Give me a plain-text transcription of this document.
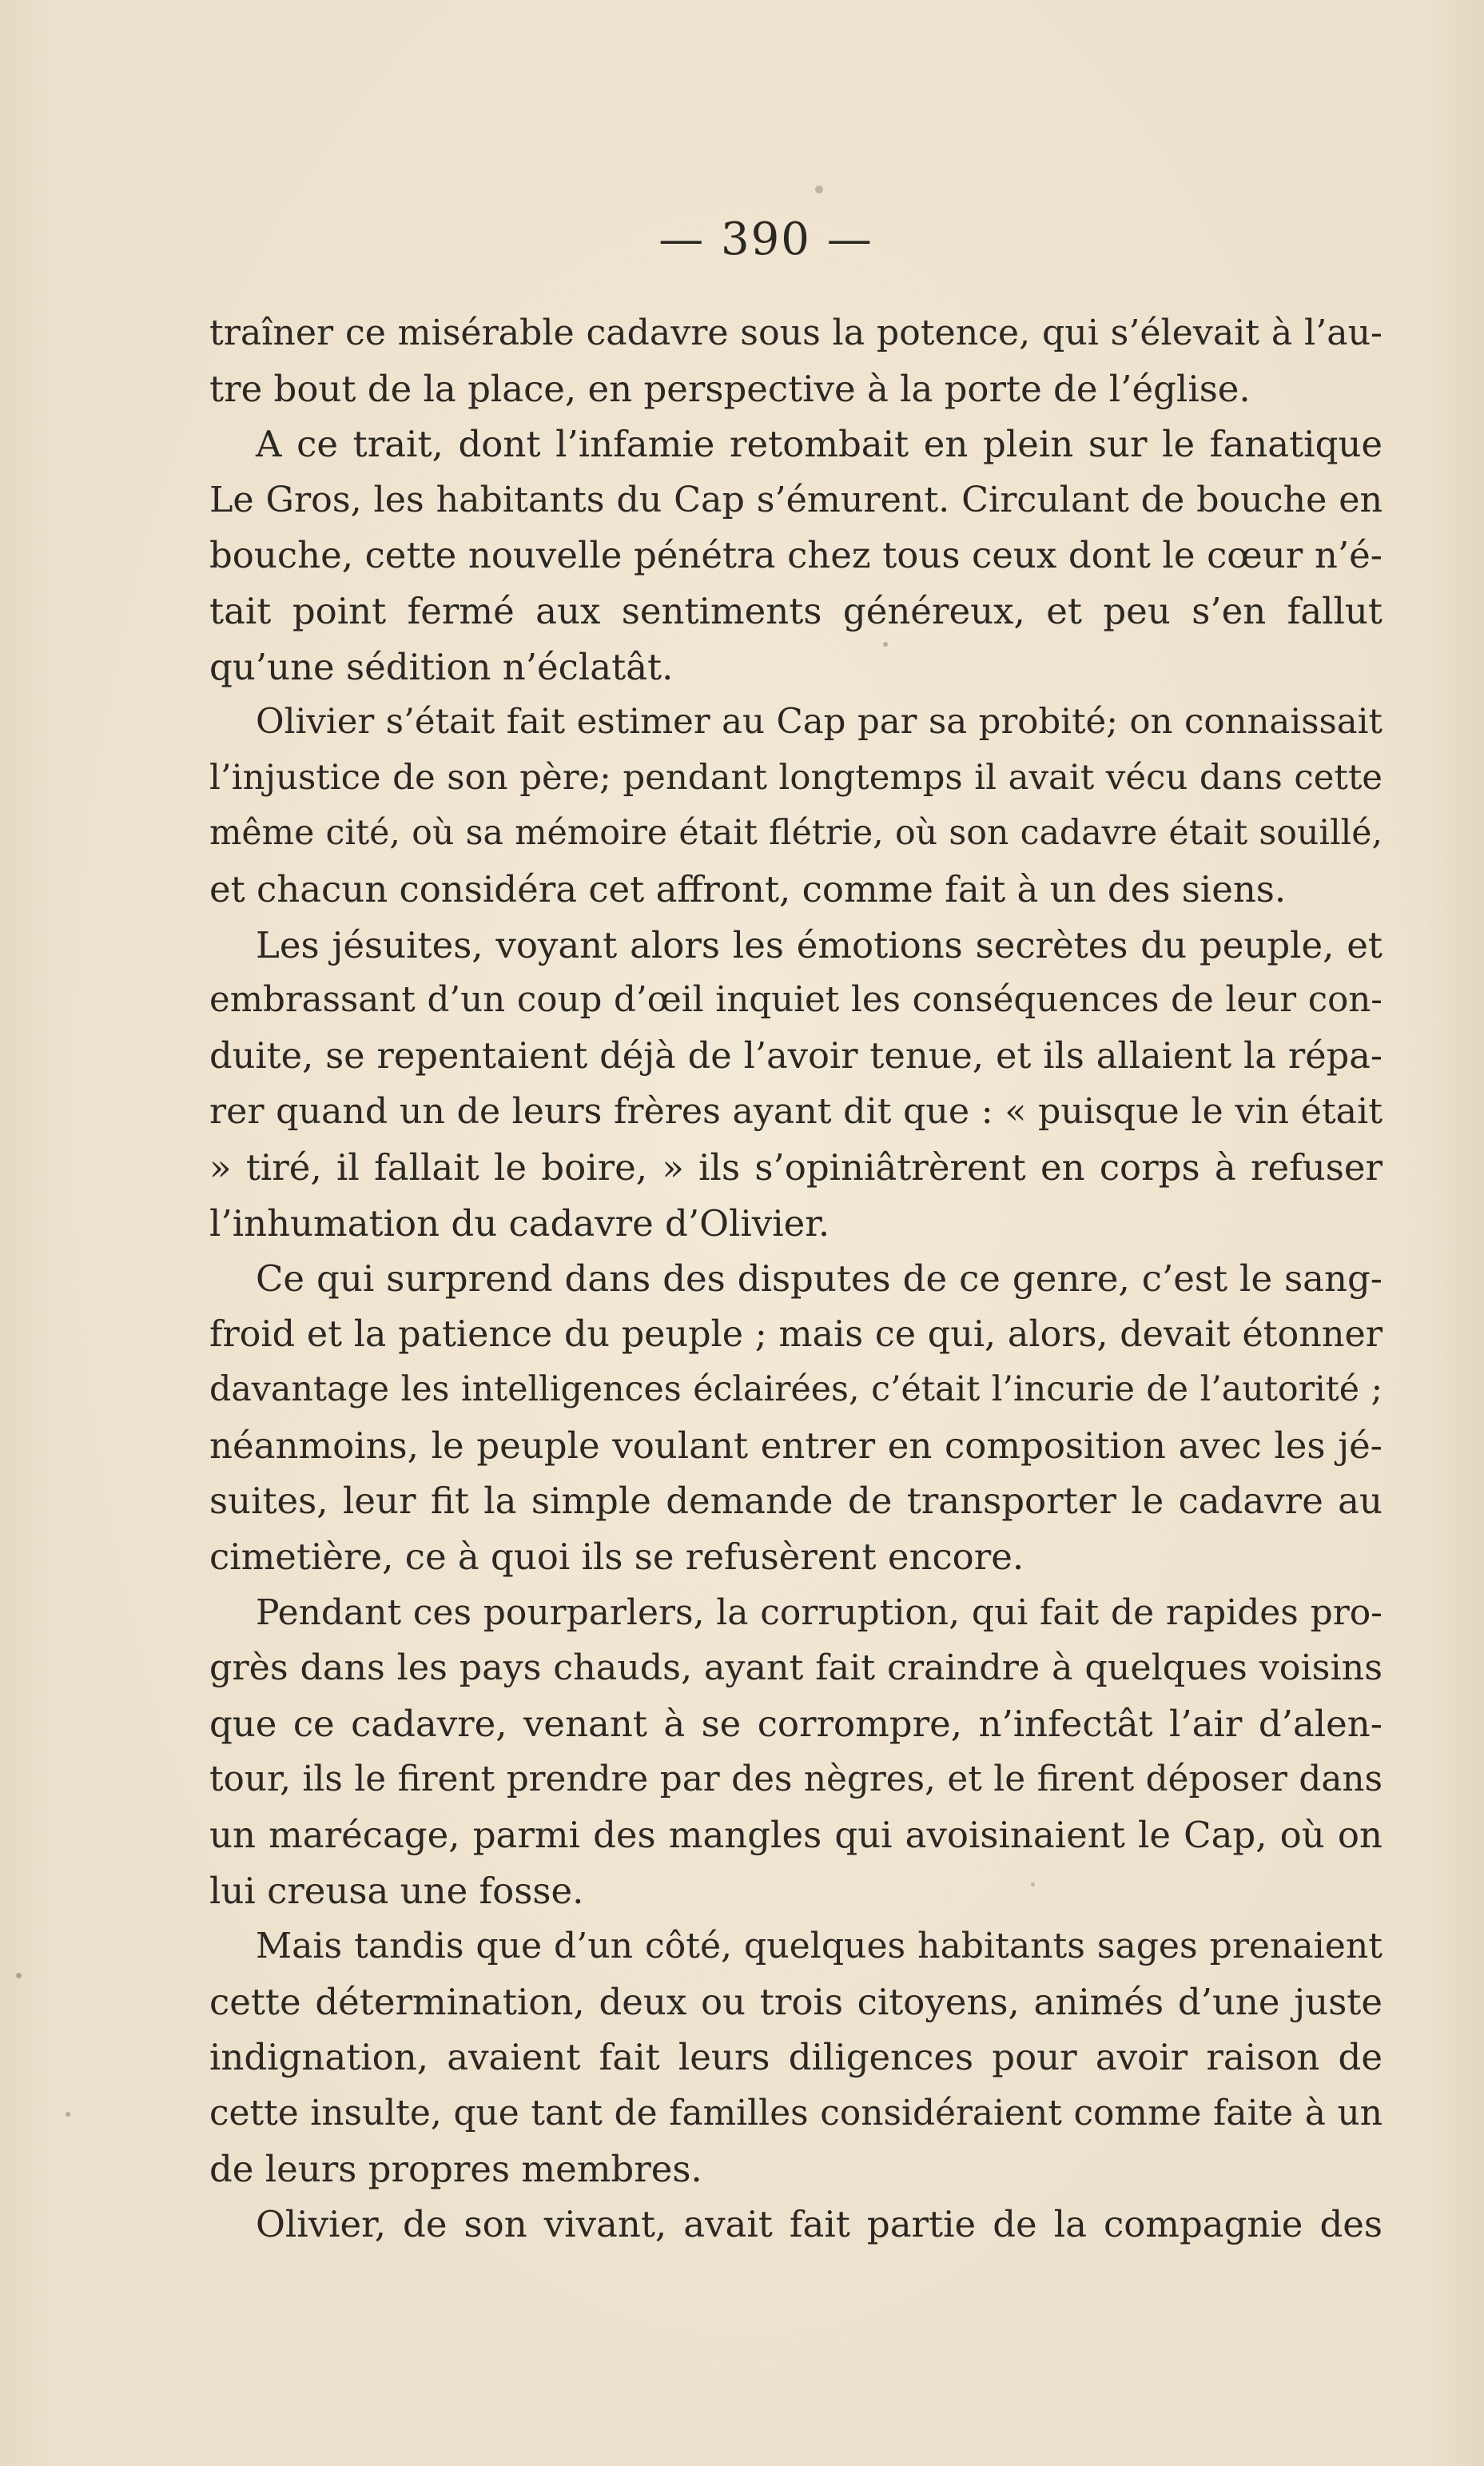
— 390 —

traîner ce misérable cadavre sous la potence, qui s’élevait à l’au-
tre bout de la place, en perspective à la porte de l’église.

A ce trait, dont l’infamie retombait en plein sur le fanatique
Le Gros, les habitants du Cap s’émurent. Circulant de bouche en
bouche, cette nouvelle pénétra chez tous ceux dont le cœur n’é-
tait point fermé aux sentiments généreux, et peu s’en fallut
qu’une sédition n’éclatât.

Olivier s’était fait estimer au Cap par sa probité; on connaissait
l’injustice de son père; pendant longtemps il avait vécu dans cette
même cité, où sa mémoire était flétrie, où son cadavre était souillé,
et chacun considéra cet affront, comme fait à un des siens.

Les jésuites, voyant alors les émotions secrètes du peuple, et
embrassant d’un coup d’œil inquiet les conséquences de leur con-
duite, se repentaient déjà de l’avoir tenue, et ils allaient la répa-
rer quand un de leurs frères ayant dit que : « puisque le vin était
» tiré, il fallait le boire, » ils s’opiniâtrèrent en corps à refuser
l’inhumation du cadavre d’Olivier.

Ce qui surprend dans des disputes de ce genre, c’est le sang-
froid et la patience du peuple ; mais ce qui, alors, devait étonner
davantage les intelligences éclairées, c’était l’incurie de l’autorité ;
néanmoins, le peuple voulant entrer en composition avec les jé-
suites, leur fit la simple demande de transporter le cadavre au
cimetière, ce à quoi ils se refusèrent encore.

Pendant ces pourparlers, la corruption, qui fait de rapides pro-
grès dans les pays chauds, ayant fait craindre à quelques voisins
que ce cadavre, venant à se corrompre, n’infectât l’air d’alen-
tour, ils le firent prendre par des nègres, et le firent déposer dans
un marécage, parmi des mangles qui avoisinaient le Cap, où on
lui creusa une fosse.

Mais tandis que d’un côté, quelques habitants sages prenaient
cette détermination, deux ou trois citoyens, animés d’une juste
indignation, avaient fait leurs diligences pour avoir raison de
cette insulte, que tant de familles considéraient comme faite à un
de leurs propres membres.

Olivier, de son vivant, avait fait partie de la compagnie des
